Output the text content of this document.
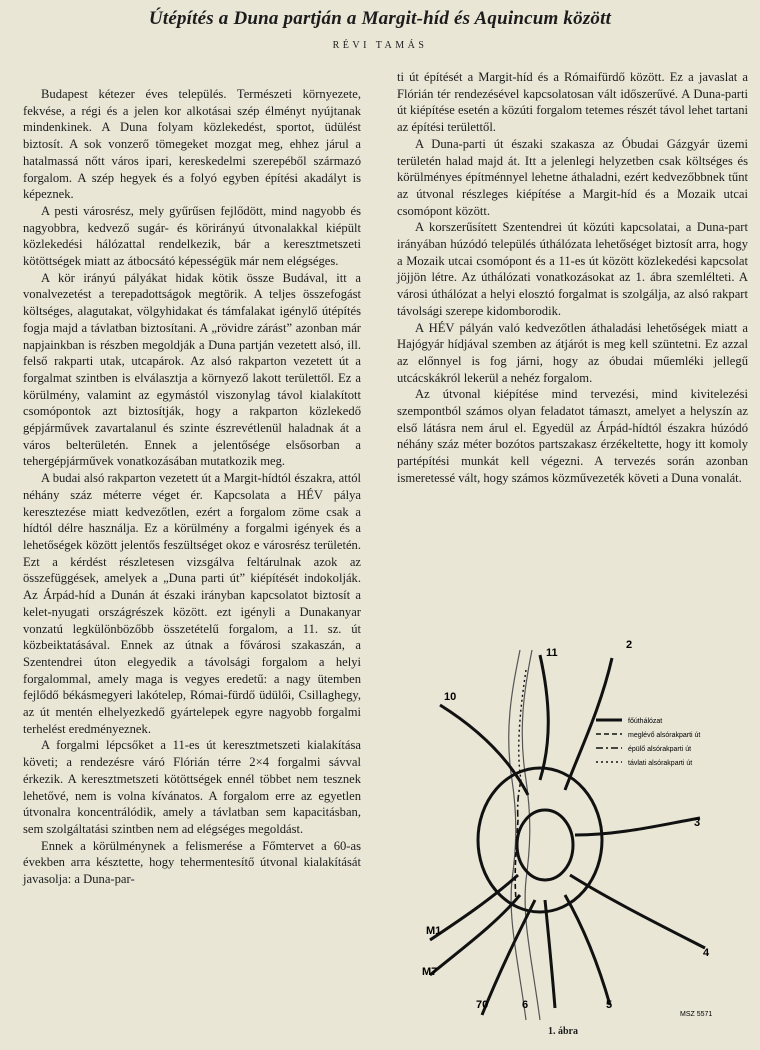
Útépítés a Duna partján a Margit-híd és Aquincum között
RÉVI TAMÁS

Budapest kétezer éves település. Természeti környezete, fekvése, a régi és a jelen kor alkotásai szép élményt nyújtanak mindenkinek. A Duna folyam közlekedést, sportot, üdülést biztosít. A sok vonzerő tömegeket mozgat meg, ehhez járul a hatalmassá nőtt város ipari, kereskedelmi szerepéből származó forgalom. A szép hegyek és a folyó egyben építési akadályt is képeznek.

A pesti városrész, mely gyűrűsen fejlődött, mind nagyobb és nagyobbra, kedvező sugár- és körirányú útvonalakkal kiépült közlekedési hálózattal rendelkezik, bár a keresztmetszeti kötöttségek miatt az átbocsátó képességük már nem elégséges.

A kör irányú pályákat hidak kötik össze Budával, itt a vonalvezetést a terepadottságok megtörik. A teljes összefogást költséges, alagutakat, völgyhidakat és támfalakat igénylő útépítés fogja majd a távlatban biztosítani. A „rövidre zárást” azonban már napjainkban is részben megoldják a Duna partján vezetett alsó, ill. felső rakparti utak, utcapárok. Az alsó rakparton vezetett út a forgalmat szintben is elválasztja a környező lakott területtől. Ez a körülmény, valamint az egymástól viszonylag távol kialakított csomópontok azt biztosítják, hogy a rakparton közlekedő gépjárművek zavartalanul és szinte észrevétlenül haladnak át a város belterületén. Ennek a jelentősége elsősorban a tehergépjárművek vonatkozásában mutatkozik meg.

A budai alsó rakparton vezetett út a Margit-hídtól északra, attól néhány száz méterre véget ér. Kapcsolata a HÉV pálya keresztezése miatt kedvezőtlen, ezért a forgalom zöme csak a hídtól délre használja. Ez a körülmény a forgalmi igények és a lehetőségek között jelentős feszültséget okoz e városrész területén. Ezt a kérdést részletesen vizsgálva feltárulnak azok az összefüggések, amelyek a „Duna parti út” kiépítését indokolják. Az Árpád-híd a Dunán át északi irányban kapcsolatot biztosít a kelet-nyugati országrészek között. ezt igényli a Dunakanyar vonzatú legkülönbözőbb összetételű forgalom, a 11. sz. út közbeiktatásával. Ennek az útnak a fővárosi szakaszán, a Szentendrei úton elegyedik a távolsági forgalom a helyi forgalommal, amely maga is vegyes eredetű: a nagy ütemben fejlődő békásmegyeri lakótelep, Római-fürdő üdülői, Csillaghegy, az út mentén elhelyezkedő gyártelepek egyre nagyobb forgalmi terhelést eredményeznek.

A forgalmi lépcsőket a 11-es út keresztmetszeti kialakítása követi; a rendezésre váró Flórián térre 2×4 forgalmi sávval érkezik. A keresztmetszeti kötöttségek ennél többet nem tesznek lehetővé, nem is volna kívánatos. A forgalom erre az egyetlen útvonalra koncentrálódik, amely a távlatban sem kapacitásban, sem szolgáltatási szintben nem ad elégséges megoldást.

Ennek a körülménynek a felismerése a Főmtervet a 60-as években arra késztette, hogy tehermentesítő útvonal kialakítását javasolja: a Duna-par-

ti út építését a Margit-híd és a Rómaifürdő között. Ez a javaslat a Flórián tér rendezésével kapcsolatosan vált időszerűvé. A Duna-parti út kiépítése esetén a közúti forgalom tetemes részét távol lehet tartani az építési területtől.

A Duna-parti út északi szakasza az Óbudai Gázgyár üzemi területén halad majd át. Itt a jelenlegi helyzetben csak költséges és körülményes építménnyel lehetne áthaladni, ezért kedvezőbbnek tűnt az útvonal részleges kiépítése a Margit-híd és a Mozaik utcai csomópont között.

A korszerűsített Szentendrei út közúti kapcsolatai, a Duna-part irányában húzódó település úthálózata lehetőséget biztosít arra, hogy a Mozaik utcai csomópont és a 11-es út között közlekedési kapcsolat jöjjön létre. Az úthálózati vonatkozásokat az 1. ábra szemlélteti. A városi úthálózat a helyi elosztó forgalmat is szolgálja, az alsó rakpart távolsági szerepe kidomborodik.

A HÉV pályán való kedvezőtlen áthaladási lehetőségek miatt a Hajógyár hídjával szemben az átjárót is meg kell szüntetni. Ez azzal az előnnyel is fog járni, hogy az óbudai műemléki jellegű utcácskákról lekerül a nehéz forgalom.

Az útvonal kiépítése mind tervezési, mind kivitelezési szempontból számos olyan feladatot támaszt, amelyet a helyszín az első látásra nem árul el. Egyedül az Árpád-hídtól északra húzódó néhány száz méter bozótos partszakasz érzékeltette, hogy itt komoly partépítési munkát kell végezni. A tervezés során azonban ismeretessé vált, hogy számos közművezeték követi a Duna vonalát.

főúthálózat
meglévő alsórakparti út
épülő alsórakparti út
távlati alsórakparti út
11
2
10
3
M1
4
M7
70	6	5
MSZ 5571
1. ábra
